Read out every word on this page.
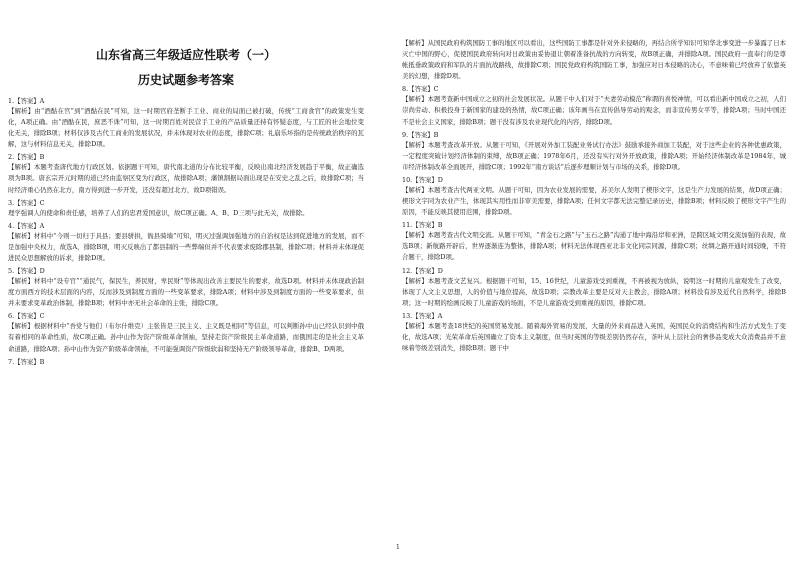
山东省高三年级适应性联考（一）
历史试题参考答案

1.【答案】A

【解析】由“酒酤在官”到“酒酤在民”可知，这一时期官府垄断手工业、商业的局面已被打破，传统“工商食官”的政策发生变化，A项正确。由“酒酤在民，庶恶不诛”可知，这一时期百姓对民营手工业的产品质量还持有怀疑态度，与工匠的社会地位变化无关，排除B项；材料仅涉及古代工商业的发展状况，并未体现对农业的态度，排除C项；礼崩乐坏指的是传统政治秩序的瓦解，这与材料信息无关，排除D项。

2.【答案】B

【解析】本题考查唐代地方行政区划。依据题干可知，唐代南北道的分布比较平衡，反映出南北经济发展趋于平衡，故正确选项为B项。唐玄宗开元时期的道已经由监察区变为行政区，故排除A项；藩镇割据局面出现是在安史之乱之后，故排除C项；当时经济重心仍然在北方，南方得到进一步开发，还没有超过北方，故D项错误。

3.【答案】C

理学强调人的使命和责任感，培养了人们的忠君爱国意识，故C项正确。A、B、D三项与此无关，故排除。

4.【答案】A

【解析】材料中“今则一切归于具县；要县骈拱，衙县骑墙”可知，明灭过强调加强地方的自治权是达到促进地方的发展，而不是加强中央权力，故选A，排除B项，明灭反映出了都县制的一些弊端但并不代表要求废除郡县制，排除C项；材料并未体现促进民众思想解放的诉求，排除D项。

5.【答案】D

【解析】材料中“设专官”“通民气，保民生，养民财，卑民财”等体现出改善主要民生的要求，故选D项。材料并未体现政治制度方面西方的技术层面的内容，反而涉及到制度方面的一些变革要求，排除A项；材料中涉及到制度方面的一些变革要求，但并未要求变革政治体制，排除B项；材料中亦无社会革命的主张，排除C项。

6.【答案】C

【解析】根据材料中“吾党与他们（布尔什维克）主张皆是三民主义、主义既是相同”等信息，可以判断孙中山已经认识到中俄有着相同的革命性质，故C项正确。孙中山作为资产阶级革命领袖，坚持走资产阶级民主革命道路，而俄国走的是社会主义革命道路，排除A项；孙中山作为资产阶级革命领袖，不可能强调资产阶级软弱和坚持无产阶级领导革命，排除B、D两项。

7.【答案】B

【解析】从国民政府构筑国防工事的地区可以看出，这些国防工事都是针对外来侵略的，再结合所学知识可知华北事变进一步暴露了日本灭亡中国的野心，促使国民政府转向对日政策由妥协退让朝着准备抗战的方向转变，故B项正确，并排除A项。国民政府一直奉行的是尊帐抵垂政策政府和军队的片面抗战路线，故排除C项；国民党政府构筑国防工事，加强应对日本侵略的决心，不意味着已经放弃了依靠英美的幻想，排除D项。

8.【答案】C

【解析】本题考查新中国成立之初的社会发展状况。从题干中人们对于“夫妻劳动模范”称谓的喜悦神情，可以看出新中国成立之初，人们崇尚劳动、积极投身于新国家的建设的热情，故C项正确；该年画当在宣传倡导劳动的观念，而非宣传男女平等，排除A项；当时中国还不是社会主义国家，排除B项；题干没有涉及农业现代化的内容，排除D项。

9.【答案】B

【解析】本题考查改革开放。从题干可知，《开展对外加工装配业务试行办法》鼓励承接外商加工装配，对于这些企业的各种优惠政策，一定程度突破计划经济体制的束缚，故B项正确；1978年6月，还没有实行对外开放政策，排除A项；开始经济体制改革是1984年，城市经济体制改革全面展开，排除C项；1992年“南方谈话”后逐步理顺计划与市场的关系，排除D项。

10.【答案】D

【解析】本题考查古代两亚文明。从题干可知，因为农业发展的需要，苏美尔人发明了楔形文字，这是生产力发展的结果，故D项正确；楔形文字同为农业产生，体现其实用性而非审美需要，排除A项；任何文字都无法完整记录历史，排除B项；材料反映了楔形文字产生的原因，不能反映其使用范围，排除D项。

11.【答案】B

【解析】本题考查古代文明交流。从题干可知，“青金石之路”与“玉石之路”沟通了地中海沿岸和亚洲，是跨区域文明交流加强的表现，故选B项；新航路开辟后，世界逐渐连为整体，排除A项；材料无法体现西亚北非文化同宗同源，排除C项；丝绸之路开通时间较晚，不符合题干，排除D项。

12.【答案】D

【解析】本题考查文艺复兴。根据题干可知，15、16世纪，儿童游戏受到重视，不再被视为放纵，说明这一时期的儿童观发生了改变，体现了人文主义思想，人的价值与地位提高，故选D项；宗教改革主要是反对天主教会，排除A项；材料没有涉及近代自然科学，排除B项；这一时期的绘画反映了儿童游戏的场面，不是儿童游戏受到重视的原因，排除C项。

13.【答案】A

【解析】本题考查18世纪的英国贸易发展。随着海外贸易的发展，大量的外来商品进入英国，英国民众的消费结构和生活方式发生了变化，故选A项；光荣革命后英国确立了资本主义制度，但当时英国的等级差别仍然存在，茶叶从上层社会的奢侈品变成大众消费品并不意味着等级差别消失，排除B项；题干中

1
